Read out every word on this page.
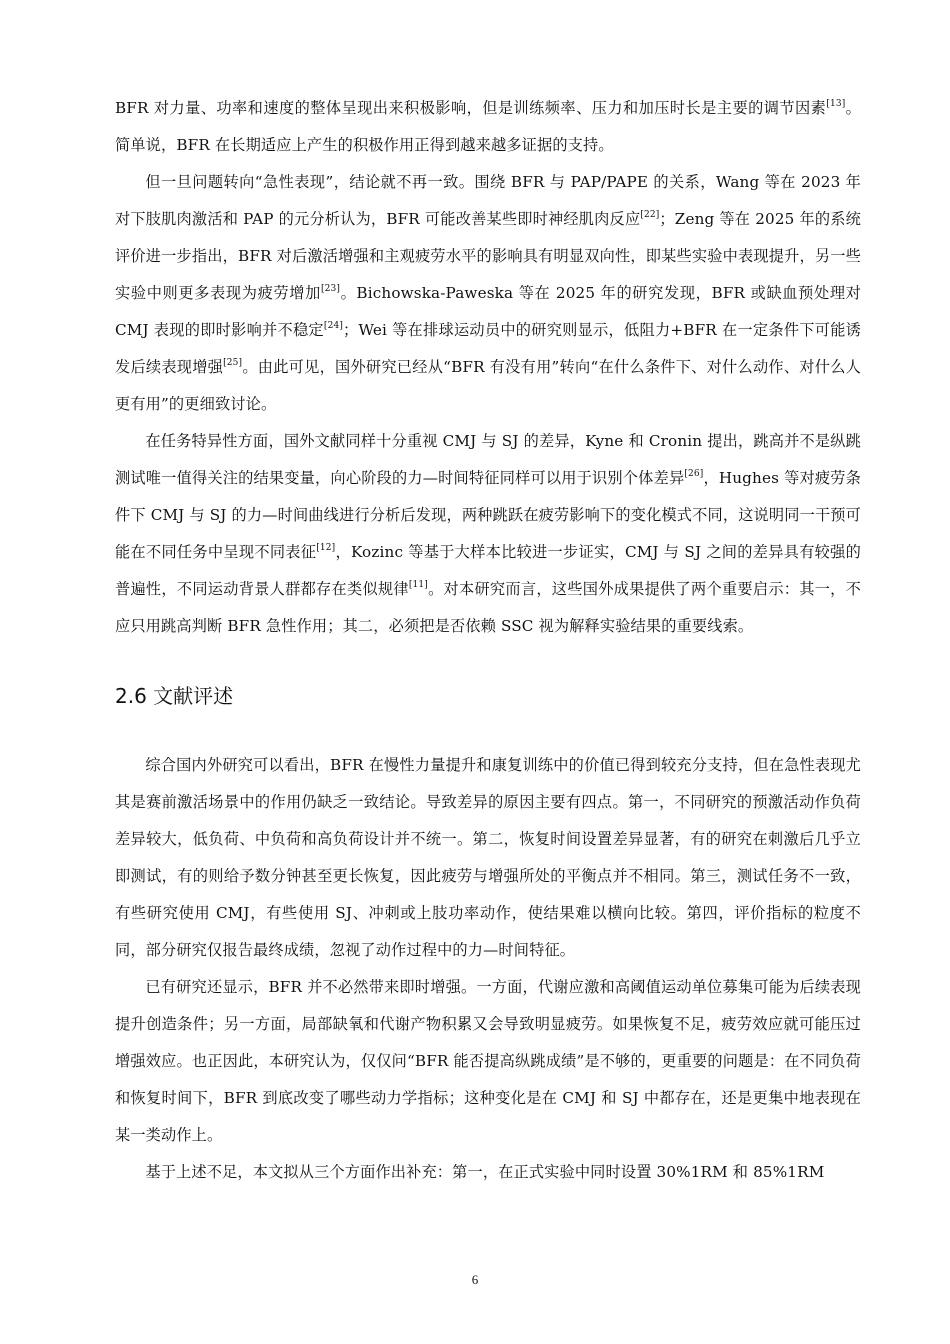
BFR 对力量、功率和速度的整体呈现出来积极影响，但是训练频率、压力和加压时长是主要的调节因素[13]。简单说，BFR 在长期适应上产生的积极作用正得到越来越多证据的支持。

但一旦问题转向“急性表现”，结论就不再一致。围绕 BFR 与 PAP/PAPE 的关系，Wang 等在 2023 年对下肢肌肉激活和 PAP 的元分析认为，BFR 可能改善某些即时神经肌肉反应[22]；Zeng 等在 2025 年的系统评价进一步指出，BFR 对后激活增强和主观疲劳水平的影响具有明显双向性，即某些实验中表现提升，另一些实验中则更多表现为疲劳增加[23]。Bichowska-Paweska 等在 2025 年的研究发现，BFR 或缺血预处理对 CMJ 表现的即时影响并不稳定[24]；Wei 等在排球运动员中的研究则显示，低阻力+BFR 在一定条件下可能诱发后续表现增强[25]。由此可见，国外研究已经从“BFR 有没有用”转向“在什么条件下、对什么动作、对什么人更有用”的更细致讨论。

在任务特异性方面，国外文献同样十分重视 CMJ 与 SJ 的差异，Kyne 和 Cronin 提出，跳高并不是纵跳测试唯一值得关注的结果变量，向心阶段的力—时间特征同样可以用于识别个体差异[26]，Hughes 等对疲劳条件下 CMJ 与 SJ 的力—时间曲线进行分析后发现，两种跳跃在疲劳影响下的变化模式不同，这说明同一干预可能在不同任务中呈现不同表征[12]，Kozinc 等基于大样本比较进一步证实，CMJ 与 SJ 之间的差异具有较强的普遍性，不同运动背景人群都存在类似规律[11]。对本研究而言，这些国外成果提供了两个重要启示：其一，不应只用跳高判断 BFR 急性作用；其二，必须把是否依赖 SSC 视为解释实验结果的重要线索。

2.6 文献评述

综合国内外研究可以看出，BFR 在慢性力量提升和康复训练中的价值已得到较充分支持，但在急性表现尤其是赛前激活场景中的作用仍缺乏一致结论。导致差异的原因主要有四点。第一，不同研究的预激活动作负荷差异较大，低负荷、中负荷和高负荷设计并不统一。第二，恢复时间设置差异显著，有的研究在刺激后几乎立即测试，有的则给予数分钟甚至更长恢复，因此疲劳与增强所处的平衡点并不相同。第三，测试任务不一致，有些研究使用 CMJ，有些使用 SJ、冲刺或上肢功率动作，使结果难以横向比较。第四，评价指标的粒度不同，部分研究仅报告最终成绩，忽视了动作过程中的力—时间特征。

已有研究还显示，BFR 并不必然带来即时增强。一方面，代谢应激和高阈值运动单位募集可能为后续表现提升创造条件；另一方面，局部缺氧和代谢产物积累又会导致明显疲劳。如果恢复不足，疲劳效应就可能压过增强效应。也正因此，本研究认为，仅仅问“BFR 能否提高纵跳成绩”是不够的，更重要的问题是：在不同负荷和恢复时间下，BFR 到底改变了哪些动力学指标；这种变化是在 CMJ 和 SJ 中都存在，还是更集中地表现在某一类动作上。

基于上述不足，本文拟从三个方面作出补充：第一，在正式实验中同时设置 30%1RM 和 85%1RM

6
